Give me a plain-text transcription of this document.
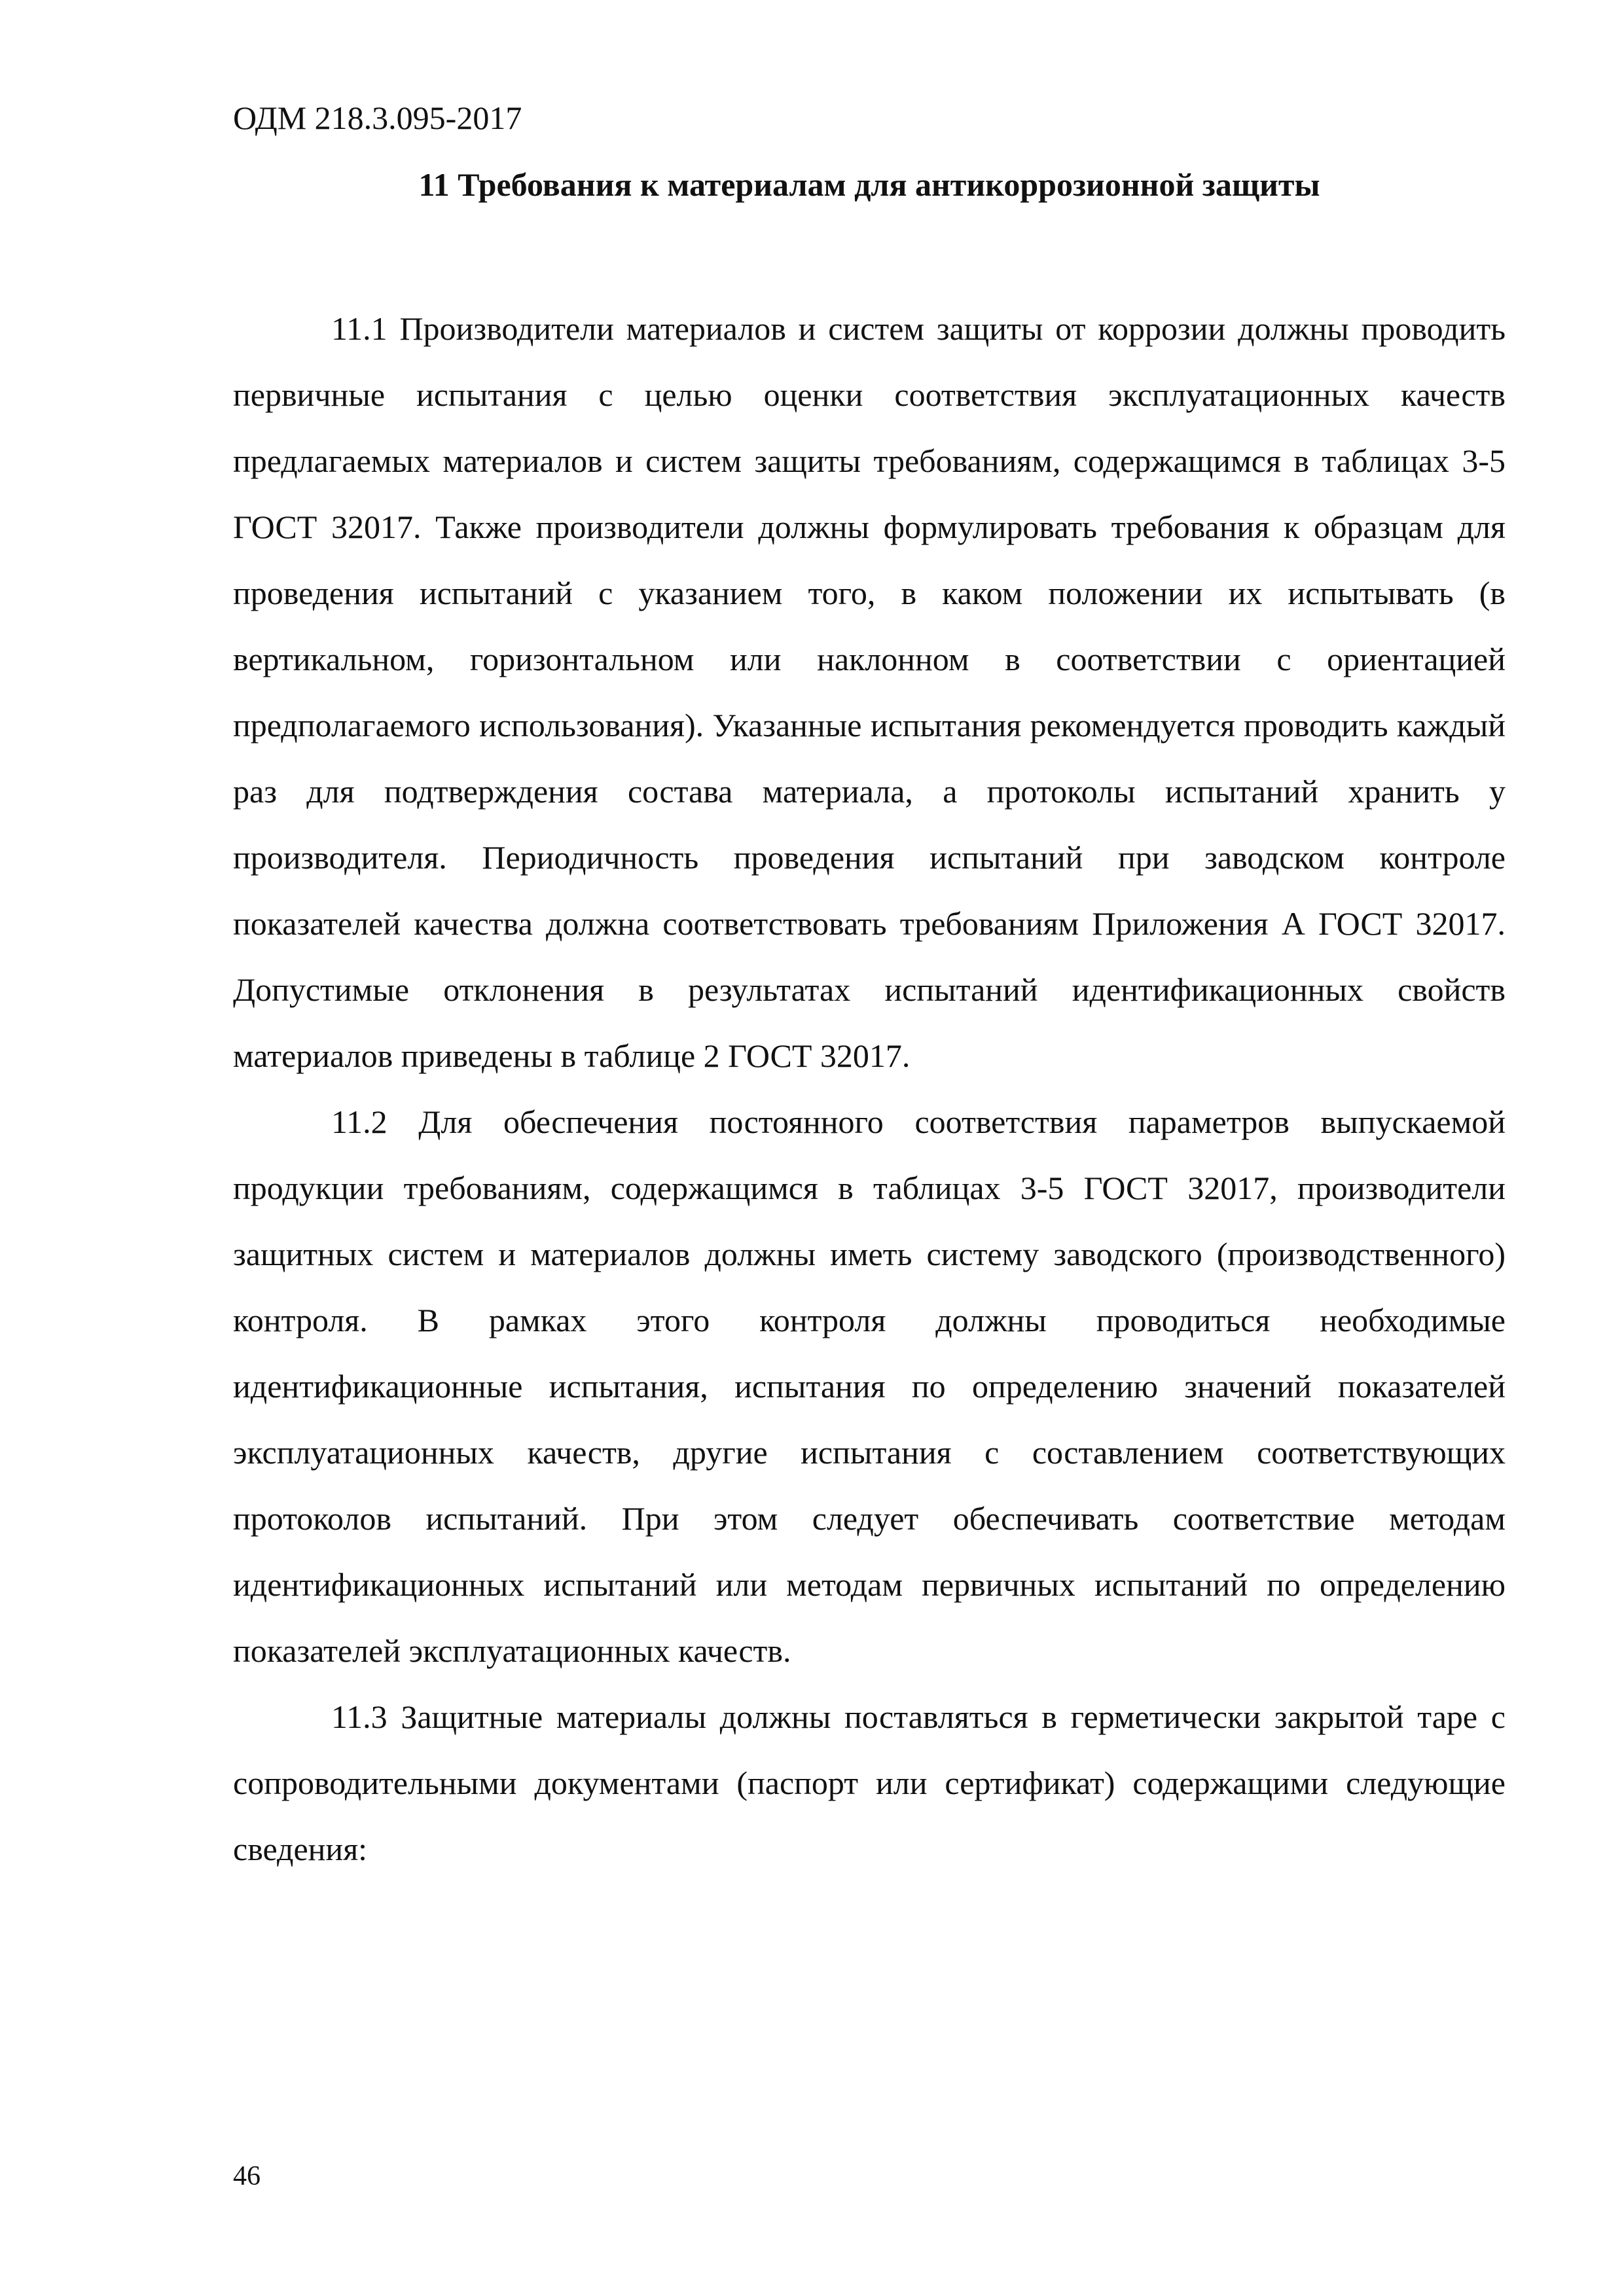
ОДМ 218.3.095-2017
11 Требования к материалам для антикоррозионной защиты

11.1 Производители материалов и систем защиты от коррозии должны проводить первичные испытания с целью оценки соответствия эксплуатационных качеств предлагаемых материалов и систем защиты требованиям, содержащимся в таблицах 3-5 ГОСТ 32017. Также производители должны формулировать требования к образцам для проведения испытаний с указанием того, в каком положении их испытывать (в вертикальном, горизонтальном или наклонном в соответствии с ориентацией предполагаемого использования). Указанные испытания рекомендуется проводить каждый раз для подтверждения состава материала, а протоколы испытаний хранить у производителя. Периодичность проведения испытаний при заводском контроле показателей качества должна соответствовать требованиям Приложения А ГОСТ 32017. Допустимые отклонения в результатах испытаний идентификационных свойств материалов приведены в таблице 2 ГОСТ 32017.

11.2 Для обеспечения постоянного соответствия параметров выпускаемой продукции требованиям, содержащимся в таблицах 3-5 ГОСТ 32017, производители защитных систем и материалов должны иметь систему заводского (производственного) контроля. В рамках этого контроля должны проводиться необходимые идентификационные испытания, испытания по определению значений показателей эксплуатационных качеств, другие испытания с составлением соответствующих протоколов испытаний. При этом следует обеспечивать соответствие методам идентификационных испытаний или методам первичных испытаний по определению показателей эксплуатационных качеств.

11.3 Защитные материалы должны поставляться в герметически закрытой таре с сопроводительными документами (паспорт или сертификат) содержащими следующие сведения:

46
